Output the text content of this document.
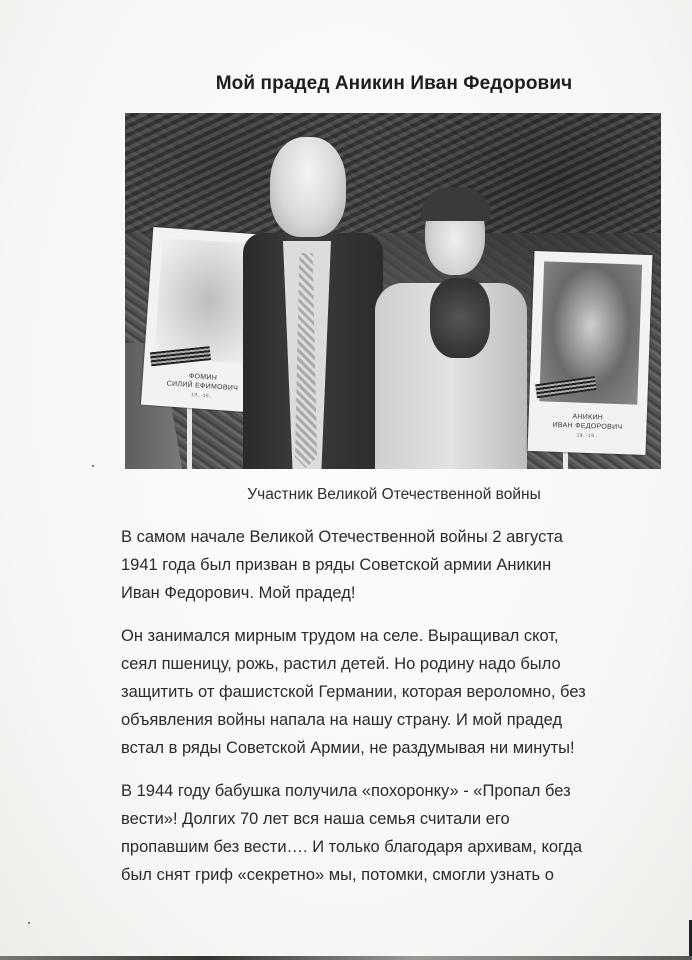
Мой прадед Аникин Иван Федорович
ФОМИН
СИЛИЙ ЕФИМОВИЧ
19..-19..
АНИКИН
ИВАН ФЕДОРОВИЧ
19..-19..
Участник Великой Отечественной войны
В самом начале Великой Отечественной войны 2 августа
1941 года был призван в ряды Советской армии Аникин
Иван Федорович. Мой прадед!
Он занимался мирным трудом на селе. Выращивал скот,
сеял пшеницу, рожь, растил детей. Но родину надо было
защитить от фашистской Германии, которая вероломно, без
объявления войны напала на нашу страну. И мой прадед
встал в ряды Советской Армии, не раздумывая ни минуты!
В 1944 году бабушка получила «похоронку» - «Пропал без
вести»! Долгих 70 лет вся наша семья считали его
пропавшим без вести…. И только благодаря архивам, когда
был снят гриф «секретно» мы, потомки, смогли узнать о
